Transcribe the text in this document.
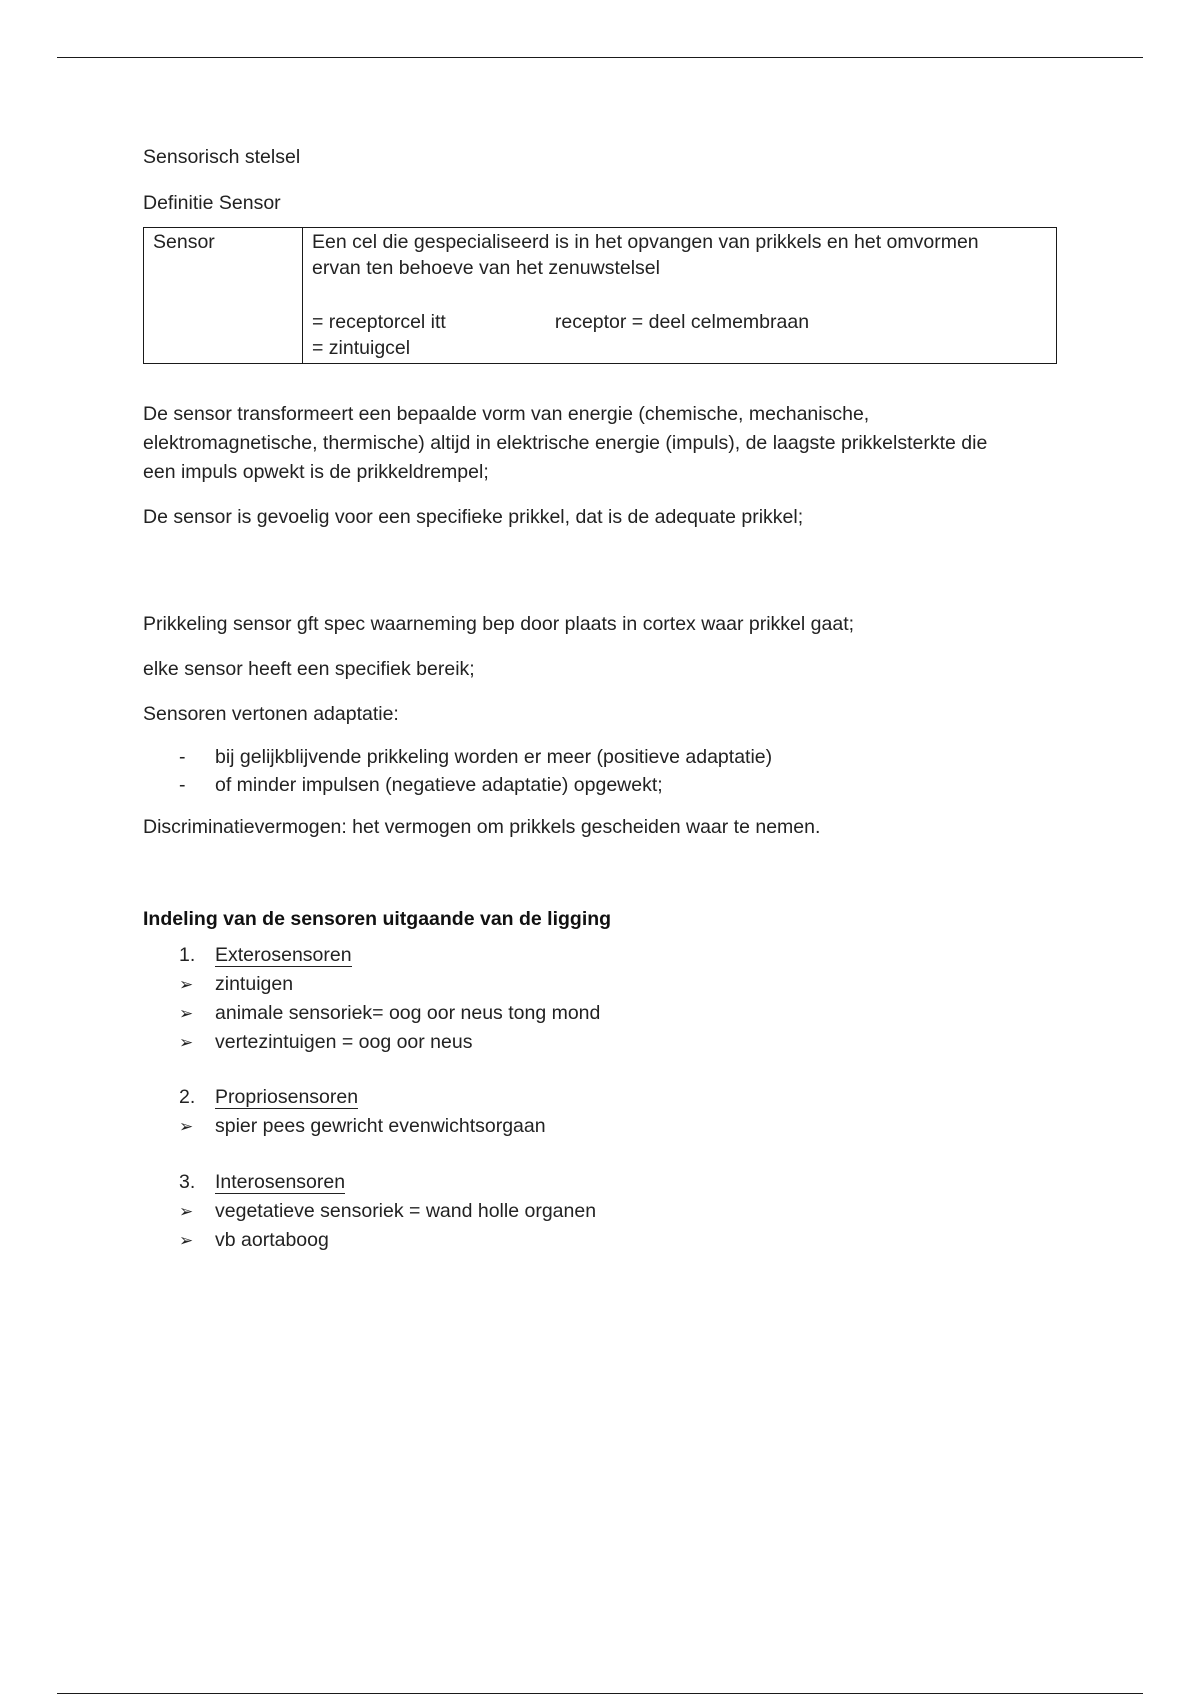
Sensorisch stelsel

Definitie Sensor

Sensor	Een cel die gespecialiseerd is in het opvangen van prikkels en het omvormen
ervan ten behoeve van het zenuwstelsel
= receptorcel itt	receptor = deel celmembraan
= zintuigcel

De sensor transformeert een bepaalde vorm van energie (chemische, mechanische,
elektromagnetische, thermische) altijd in elektrische energie (impuls), de laagste prikkelsterkte die
een impuls opwekt is de prikkeldrempel;

De sensor is gevoelig voor een specifieke prikkel, dat is de adequate prikkel;

Prikkeling sensor gft spec waarneming bep door plaats in cortex waar prikkel gaat;

elke sensor heeft een specifiek bereik;

Sensoren vertonen adaptatie:

- bij gelijkblijvende prikkeling worden er meer (positieve adaptatie)
- of minder impulsen (negatieve adaptatie) opgewekt;

Discriminatievermogen: het vermogen om prikkels gescheiden waar te nemen.

Indeling van de sensoren uitgaande van de ligging

1. Exterosensoren
➢ zintuigen
➢ animale sensoriek= oog oor neus tong mond
➢ vertezintuigen = oog oor neus
2. Propriosensoren
➢ spier pees gewricht evenwichtsorgaan
3. Interosensoren
➢ vegetatieve sensoriek = wand holle organen
➢ vb aortaboog
